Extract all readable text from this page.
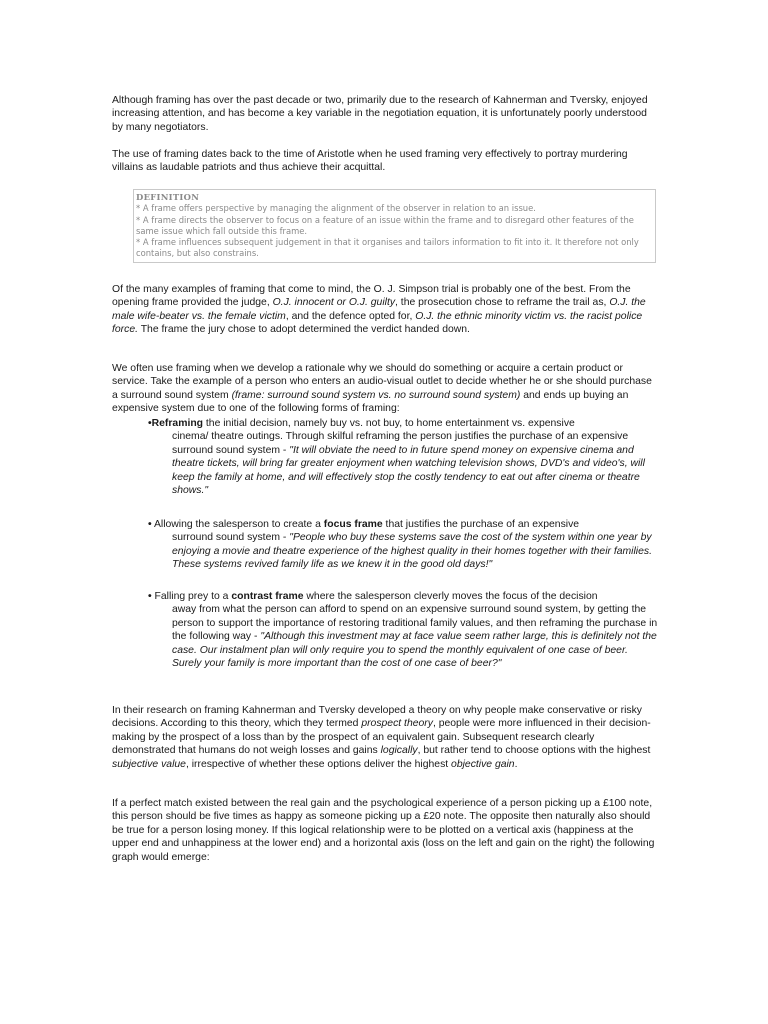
Although framing has over the past decade or two, primarily due to the research of Kahnerman and Tversky, enjoyed increasing attention, and has become a key variable in the negotiation equation, it is unfortunately poorly understood by many negotiators.

The use of framing dates back to the time of Aristotle when he used framing very effectively to portray murdering villains as laudable patriots and thus achieve their acquittal.

DEFINITION

* A frame offers perspective by managing the alignment of the observer in relation to an issue.

* A frame directs the observer to focus on a feature of an issue within the frame and to disregard other features of the same issue which fall outside this frame.

* A frame influences subsequent judgement in that it organises and tailors information to fit into it. It therefore not only contains, but also constrains.

Of the many examples of framing that come to mind, the O. J. Simpson trial is probably one of the best. From the opening frame provided the judge, O.J. innocent or O.J. guilty, the prosecution chose to reframe the trail as, O.J. the male wife-beater vs. the female victim, and the defence opted for, O.J. the ethnic minority victim vs. the racist police force. The frame the jury chose to adopt determined the verdict handed down.

We often use framing when we develop a rationale why we should do something or acquire a certain product or service. Take the example of a person who enters an audio-visual outlet to decide whether he or she should purchase a surround sound system (frame: surround sound system vs. no surround sound system) and ends up buying an expensive system due to one of the following forms of framing:

•Reframing the initial decision, namely buy vs. not buy, to home entertainment vs. expensive
cinema/ theatre outings. Through skilful reframing the person justifies the purchase of an expensive surround sound system - "It will obviate the need to in future spend money on expensive cinema and theatre tickets, will bring far greater enjoyment when watching television shows, DVD's and video's, will keep the family at home, and will effectively stop the costly tendency to eat out after cinema or theatre shows."

• Allowing the salesperson to create a focus frame that justifies the purchase of an expensive
surround sound system - "People who buy these systems save the cost of the system within one year by enjoying a movie and theatre experience of the highest quality in their homes together with their families. These systems revived family life as we knew it in the good old days!"

• Falling prey to a contrast frame where the salesperson cleverly moves the focus of the decision
away from what the person can afford to spend on an expensive surround sound system, by getting the person to support the importance of restoring traditional family values, and then reframing the purchase in the following way - "Although this investment may at face value seem rather large, this is definitely not the case. Our instalment plan will only require you to spend the monthly equivalent of one case of beer. Surely your family is more important than the cost of one case of beer?"

In their research on framing Kahnerman and Tversky developed a theory on why people make conservative or risky decisions. According to this theory, which they termed prospect theory, people were more influenced in their decision-making by the prospect of a loss than by the prospect of an equivalent gain. Subsequent research clearly demonstrated that humans do not weigh losses and gains logically, but rather tend to choose options with the highest subjective value, irrespective of whether these options deliver the highest objective gain.

If a perfect match existed between the real gain and the psychological experience of a person picking up a £100 note, this person should be five times as happy as someone picking up a £20 note. The opposite then naturally also should be true for a person losing money. If this logical relationship were to be plotted on a vertical axis (happiness at the upper end and unhappiness at the lower end) and a horizontal axis (loss on the left and gain on the right) the following graph would emerge:
